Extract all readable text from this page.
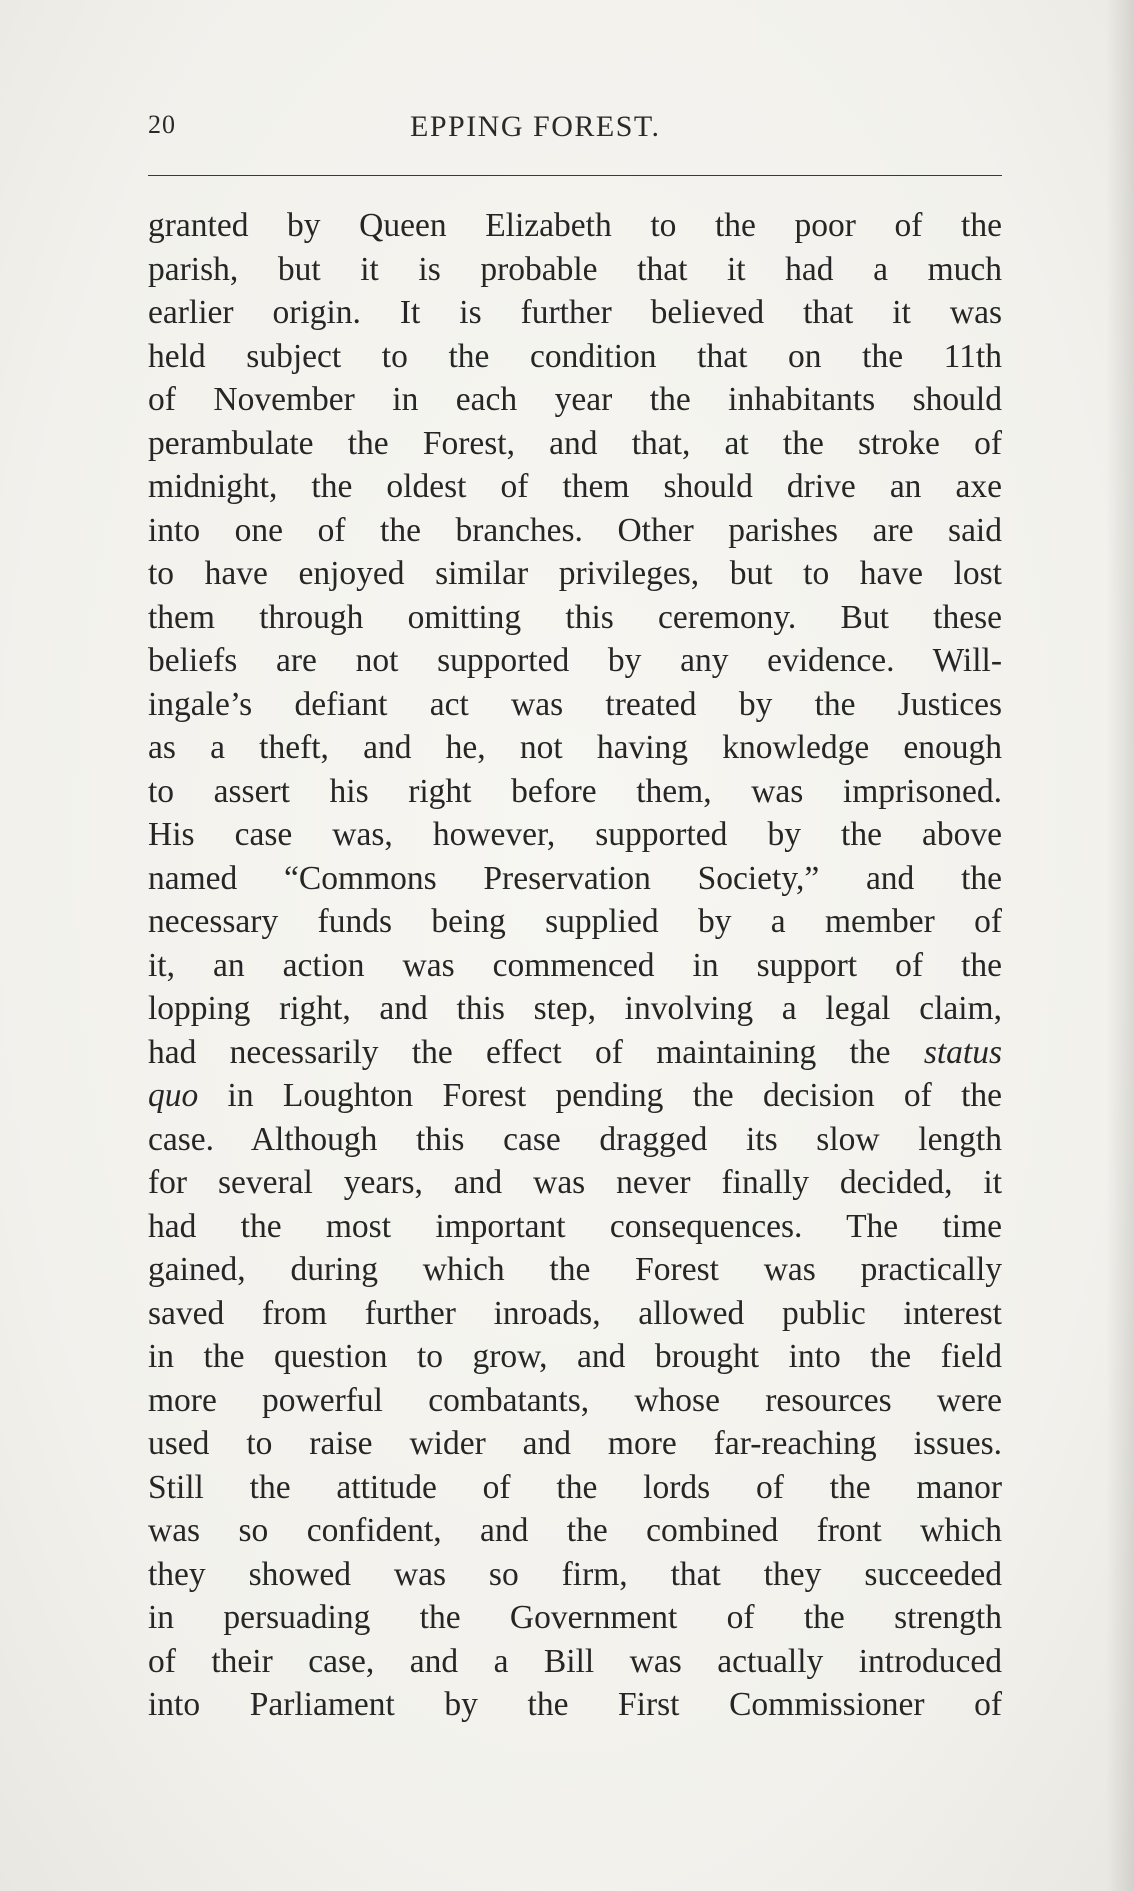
20	EPPING FOREST.
granted by Queen Elizabeth to the poor of the
parish, but it is probable that it had a much
earlier origin. It is further believed that it was
held subject to the condition that on the 11th
of November in each year the inhabitants should
perambulate the Forest, and that, at the stroke of
midnight, the oldest of them should drive an axe
into one of the branches. Other parishes are said
to have enjoyed similar privileges, but to have lost
them through omitting this ceremony. But these
beliefs are not supported by any evidence. Will-
ingale’s defiant act was treated by the Justices
as a theft, and he, not having knowledge enough
to assert his right before them, was imprisoned.
His case was, however, supported by the above
named “Commons Preservation Society,” and the
necessary funds being supplied by a member of
it, an action was commenced in support of the
lopping right, and this step, involving a legal claim,
had necessarily the effect of maintaining the status
quo in Loughton Forest pending the decision of the
case. Although this case dragged its slow length
for several years, and was never finally decided, it
had the most important consequences. The time
gained, during which the Forest was practically
saved from further inroads, allowed public interest
in the question to grow, and brought into the field
more powerful combatants, whose resources were
used to raise wider and more far-reaching issues.
Still the attitude of the lords of the manor
was so confident, and the combined front which
they showed was so firm, that they succeeded
in persuading the Government of the strength
of their case, and a Bill was actually introduced
into Parliament by the First Commissioner of
